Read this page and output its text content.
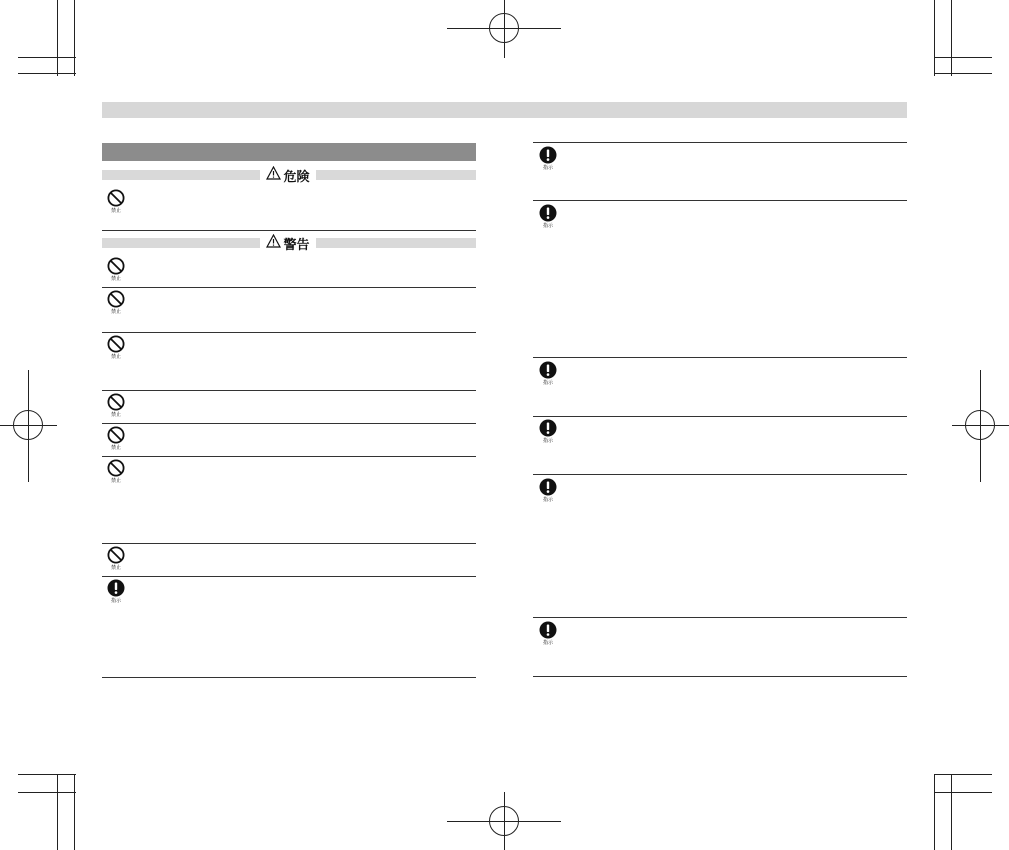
危険
警告
禁止
禁止
禁止
禁止
禁止
禁止
禁止
禁止
指示
指示
指示
指示
指示
指示
指示
